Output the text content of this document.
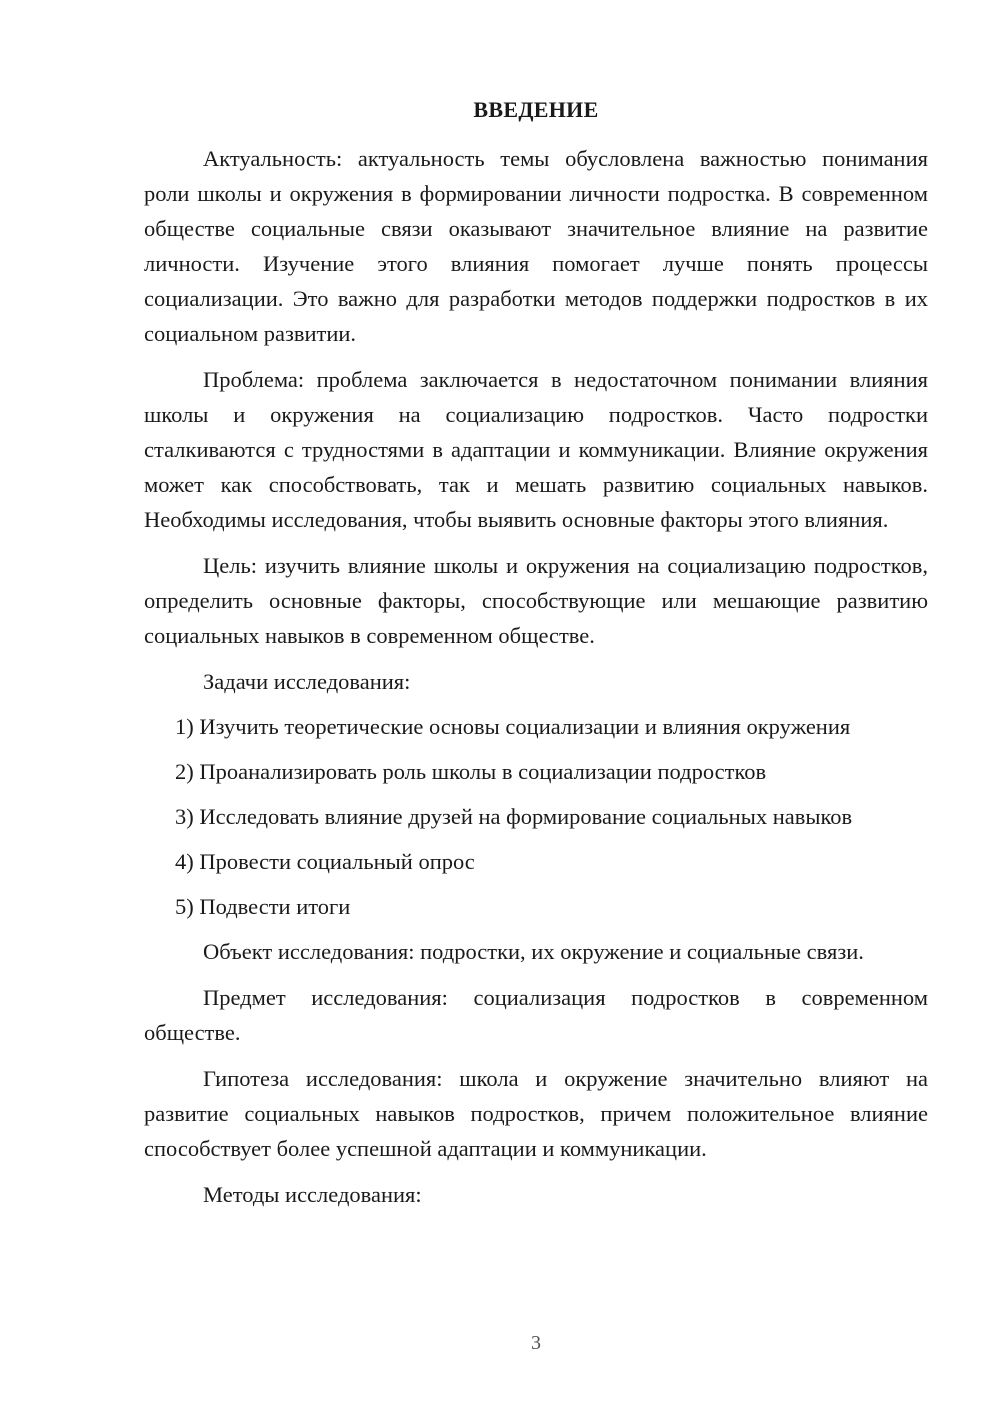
ВВЕДЕНИЕ

Актуальность: актуальность темы обусловлена важностью понимания роли школы и окружения в формировании личности подростка. В современном обществе социальные связи оказывают значительное влияние на развитие личности. Изучение этого влияния помогает лучше понять процессы социализации. Это важно для разработки методов поддержки подростков в их социальном развитии.

Проблема: проблема заключается в недостаточном понимании влияния школы и окружения на социализацию подростков. Часто подростки сталкиваются с трудностями в адаптации и коммуникации. Влияние окружения может как способствовать, так и мешать развитию социальных навыков. Необходимы исследования, чтобы выявить основные факторы этого влияния.

Цель: изучить влияние школы и окружения на социализацию подростков, определить основные факторы, способствующие или мешающие развитию социальных навыков в современном обществе.

Задачи исследования:

1) Изучить теоретические основы социализации и влияния окружения
2) Проанализировать роль школы в социализации подростков
3) Исследовать влияние друзей на формирование социальных навыков
4) Провести социальный опрос
5) Подвести итоги

Объект исследования: подростки, их окружение и социальные связи.

Предмет исследования: социализация подростков в современном обществе.

Гипотеза исследования: школа и окружение значительно влияют на развитие социальных навыков подростков, причем положительное влияние способствует более успешной адаптации и коммуникации.

Методы исследования:

3
